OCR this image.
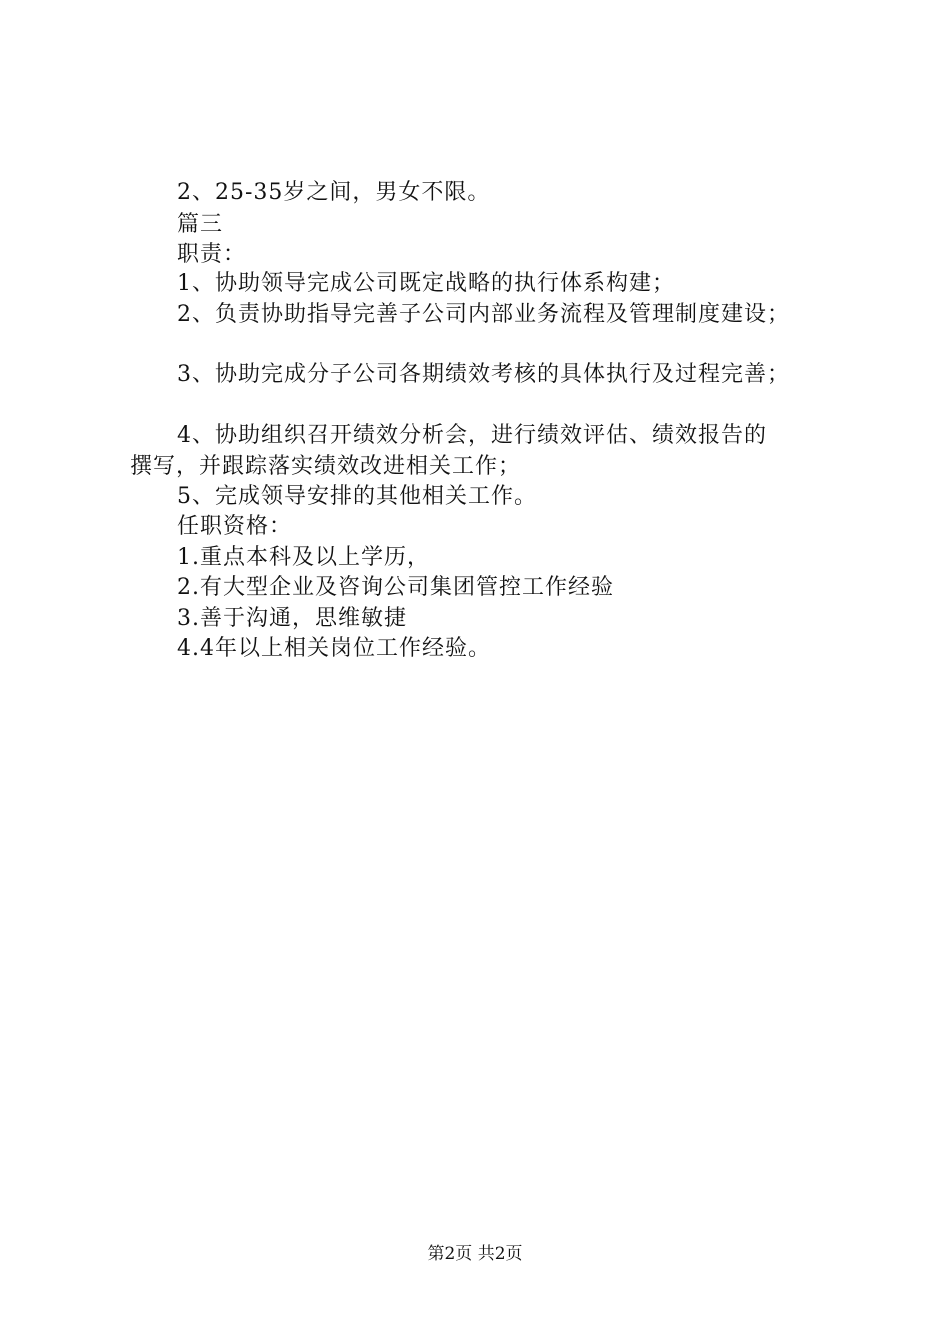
2、25-35岁之间，男女不限。
篇三
职责：
1、协助领导完成公司既定战略的执行体系构建；
2、负责协助指导完善子公司内部业务流程及管理制度建设；
3、协助完成分子公司各期绩效考核的具体执行及过程完善；
4、协助组织召开绩效分析会，进行绩效评估、绩效报告的
撰写，并跟踪落实绩效改进相关工作；
5、完成领导安排的其他相关工作。
任职资格：
1.重点本科及以上学历，
2.有大型企业及咨询公司集团管控工作经验
3.善于沟通，思维敏捷
4.4年以上相关岗位工作经验。
第2页 共2页
